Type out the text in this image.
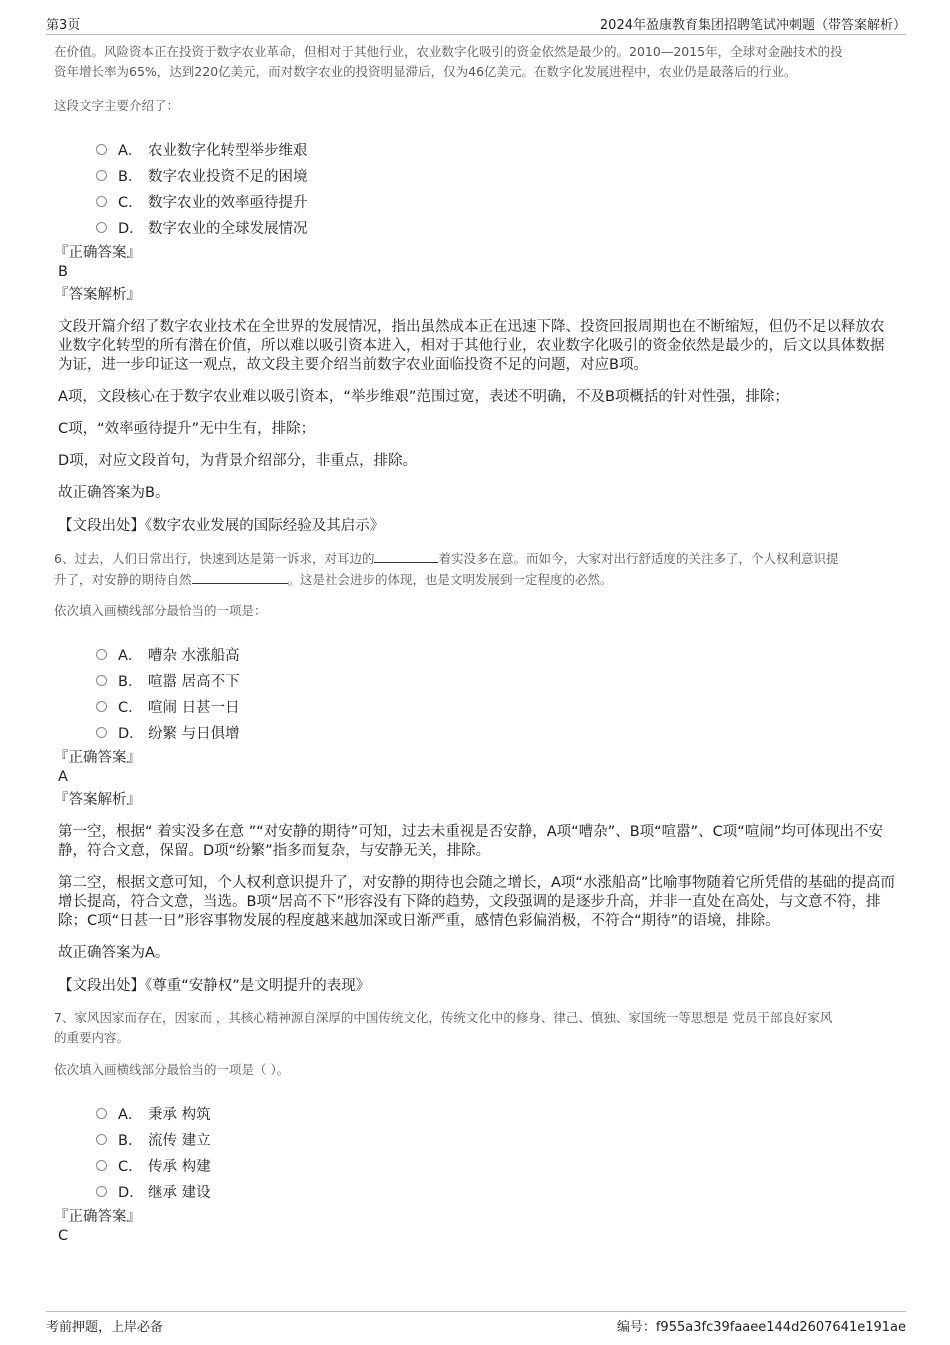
第3页	2024年盈康教育集团招聘笔试冲刺题（带答案解析）

在价值。风险资本正在投资于数字农业革命，但相对于其他行业，农业数字化吸引的资金依然是最少的。2010—2015年，全球对金融技术的投

资年增长率为65%，达到220亿美元，而对数字农业的投资明显滞后，仅为46亿美元。在数字化发展进程中，农业仍是最落后的行业。

这段文字主要介绍了：

A． 农业数字化转型举步维艰
B． 数字农业投资不足的困境
C． 数字农业的效率亟待提升
D． 数字农业的全球发展情况

『正确答案』

B

『答案解析』

文段开篇介绍了数字农业技术在全世界的发展情况，指出虽然成本正在迅速下降、投资回报周期也在不断缩短，但仍不足以释放农业数字化转型的所有潜在价值，所以难以吸引资本进入，相对于其他行业，农业数字化吸引的资金依然是最少的，后文以具体数据为证，进一步印证这一观点，故文段主要介绍当前数字农业面临投资不足的问题，对应B项。

A项，文段核心在于数字农业难以吸引资本，“举步维艰”范围过宽，表述不明确，不及B项概括的针对性强，排除；

C项，“效率亟待提升”无中生有，排除；

D项，对应文段首句，为背景介绍部分，非重点，排除。

故正确答案为B。

【文段出处】《数字农业发展的国际经验及其启示》

6、过去，人们日常出行，快速到达是第一诉求，对耳边的	着实没多在意。而如今，大家对出行舒适度的关注多了，个人权利意识提
升了，对安静的期待自然	。这是社会进步的体现，也是文明发展到一定程度的必然。

依次填入画横线部分最恰当的一项是：

A． 嘈杂 水涨船高
B． 喧嚣 居高不下
C． 喧闹 日甚一日
D． 纷繁 与日俱增

『正确答案』

A

『答案解析』

第一空，根据“ 着实没多在意 ”“对安静的期待”可知，过去未重视是否安静，A项“嘈杂”、B项“喧嚣”、C项“喧闹”均可体现出不安静，符合文意，保留。D项“纷繁”指多而复杂，与安静无关，排除。

第二空，根据文意可知，个人权利意识提升了，对安静的期待也会随之增长，A项“水涨船高”比喻事物随着它所凭借的基础的提高而增长提高，符合文意，当选。B项“居高不下”形容没有下降的趋势，文段强调的是逐步升高，并非一直处在高处，与文意不符，排除；C项“日甚一日”形容事物发展的程度越来越加深或日渐严重，感情色彩偏消极，不符合“期待”的语境，排除。

故正确答案为A。

【文段出处】《尊重“安静权”是文明提升的表现》

7、家风因家而存在，因家而 ，其核心精神源自深厚的中国传统文化，传统文化中的修身、律己、慎独、家国统一等思想是 党员干部良好家风

的重要内容。

依次填入画横线部分最恰当的一项是（ ）。

A． 秉承 构筑
B． 流传 建立
C． 传承 构建
D． 继承 建设

『正确答案』

C

考前押题，上岸必备	编号：f955a3fc39faaee144d2607641e191ae
